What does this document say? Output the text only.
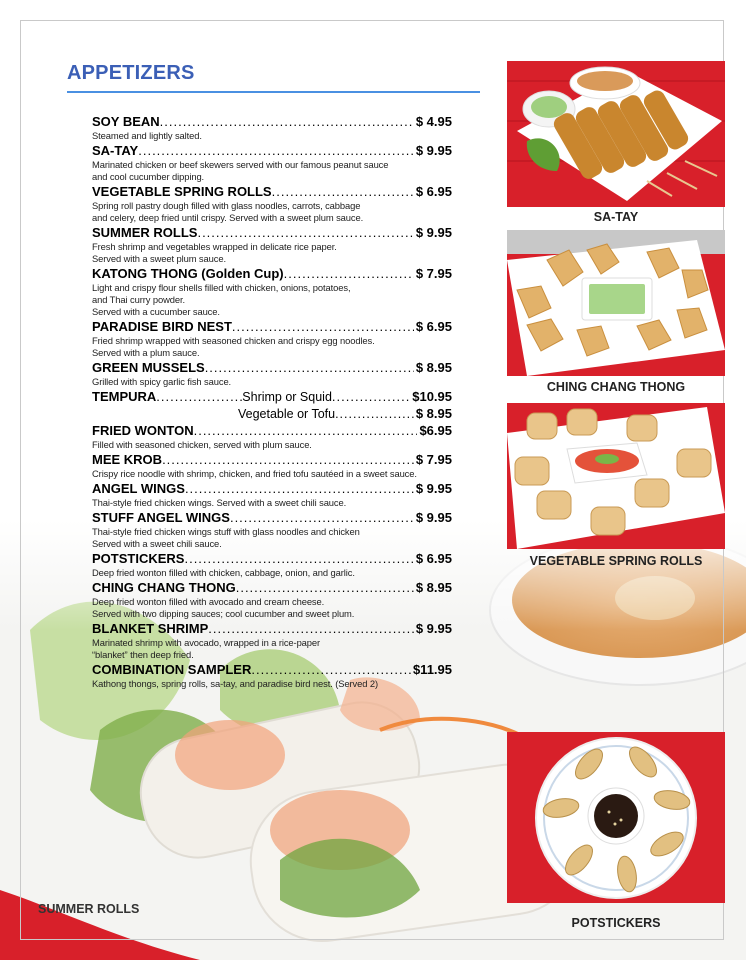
APPETIZERS
SOY BEAN .....	$ 4.95
Steamed and lightly salted.
SA-TAY .....	$ 9.95
Marinated chicken or beef skewers served with our famous peanut sauce
and cool cucumber dipping.
VEGETABLE SPRING ROLLS .....	$ 6.95
Spring roll pastry dough filled with glass noodles, carrots, cabbage
and celery, deep fried until crispy. Served with a sweet plum sauce.
SUMMER ROLLS .....	$ 9.95
Fresh shrimp and vegetables wrapped in delicate rice paper.
Served with a sweet plum sauce.
KATONG THONG (Golden Cup) .....	$ 7.95
Light and crispy flour shells filled with chicken, onions, potatoes,
and Thai curry powder.
Served with a cucumber sauce.
PARADISE BIRD NEST .....	$ 6.95
Fried shrimp wrapped with seasoned chicken and crispy egg noodles.
Served with a plum sauce.
GREEN MUSSELS .....	$ 8.95
Grilled with spicy garlic fish sauce.
TEMPURA .....	Shrimp or Squid .....	$10.95
Vegetable or Tofu .....	$ 8.95
FRIED WONTON .....	$6.95
Filled with seasoned chicken, served with plum sauce.
MEE KROB .....	$ 7.95
Crispy rice noodle with shrimp, chicken, and fried tofu sautéed in a sweet sauce.
ANGEL WINGS .....	$ 9.95
Thai-style fried chicken wings. Served with a sweet chili sauce.
STUFF ANGEL WINGS .....	$ 9.95
Thai-style fried chicken wings stuff with glass noodles and chicken
Served with a sweet chili sauce.
POTSTICKERS .....	$ 6.95
Deep fried wonton filled with chicken, cabbage, onion, and garlic.
CHING CHANG THONG .....	$ 8.95
Deep fried wonton filled with avocado and cream cheese.
Served with two dipping sauces; cool cucumber and sweet plum.
BLANKET SHRIMP .....	$ 9.95
Marinated shrimp with avocado, wrapped in a rice-paper
“blanket” then deep fried.
COMBINATION SAMPLER .....	$11.95
Kathong thongs, spring rolls, sa-tay, and paradise bird nest. (Served 2)
SA-TAY
CHING CHANG THONG
VEGETABLE SPRING ROLLS
POTSTICKERS
SUMMER ROLLS
